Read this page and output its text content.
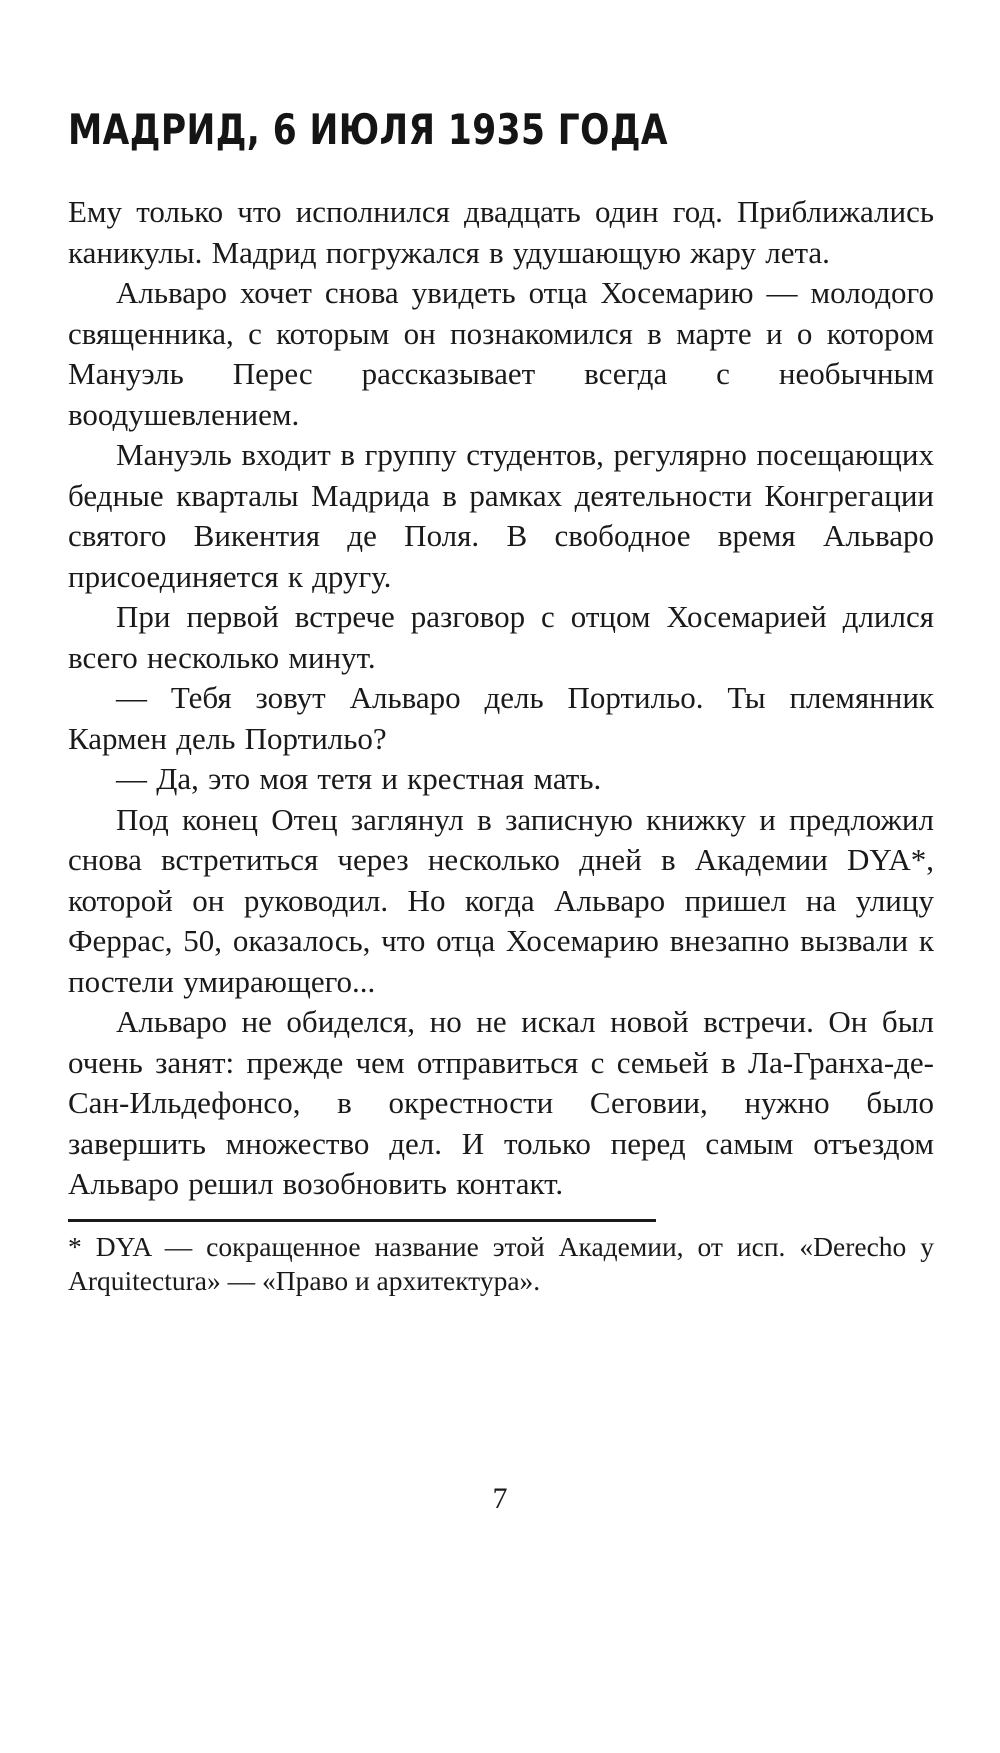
МАДРИД, 6 ИЮЛЯ 1935 ГОДА

Ему только что исполнился двадцать один год. Приближались каникулы. Мадрид погружался в удушающую жару лета.

Альваро хочет снова увидеть отца Хосемарию — молодого священника, с которым он познакомился в марте и о котором Мануэль Перес рассказывает всегда с необычным воодушевлением.

Мануэль входит в группу студентов, регулярно посещающих бедные кварталы Мадрида в рамках деятельности Конгрегации святого Викентия де Поля. В свободное время Альваро присоединяется к другу.

При первой встрече разговор с отцом Хосемарией длился всего несколько минут.

— Тебя зовут Альваро дель Портильо. Ты племянник Кармен дель Портильо?

— Да, это моя тетя и крестная мать.

Под конец Отец заглянул в записную книжку и предложил снова встретиться через несколько дней в Академии DYA*, которой он руководил. Но когда Альваро пришел на улицу Феррас, 50, оказалось, что отца Хосемарию внезапно вызвали к постели умирающего...

Альваро не обиделся, но не искал новой встречи. Он был очень занят: прежде чем отправиться с семьей в Ла-Гранха-де-Сан-Ильдефонсо, в окрестности Сеговии, нужно было завершить множество дел. И только перед самым отъездом Альваро решил возобновить контакт.

* DYA — сокращенное название этой Академии, от исп. «Derecho y Arquitectura» — «Право и архитектура».

7
